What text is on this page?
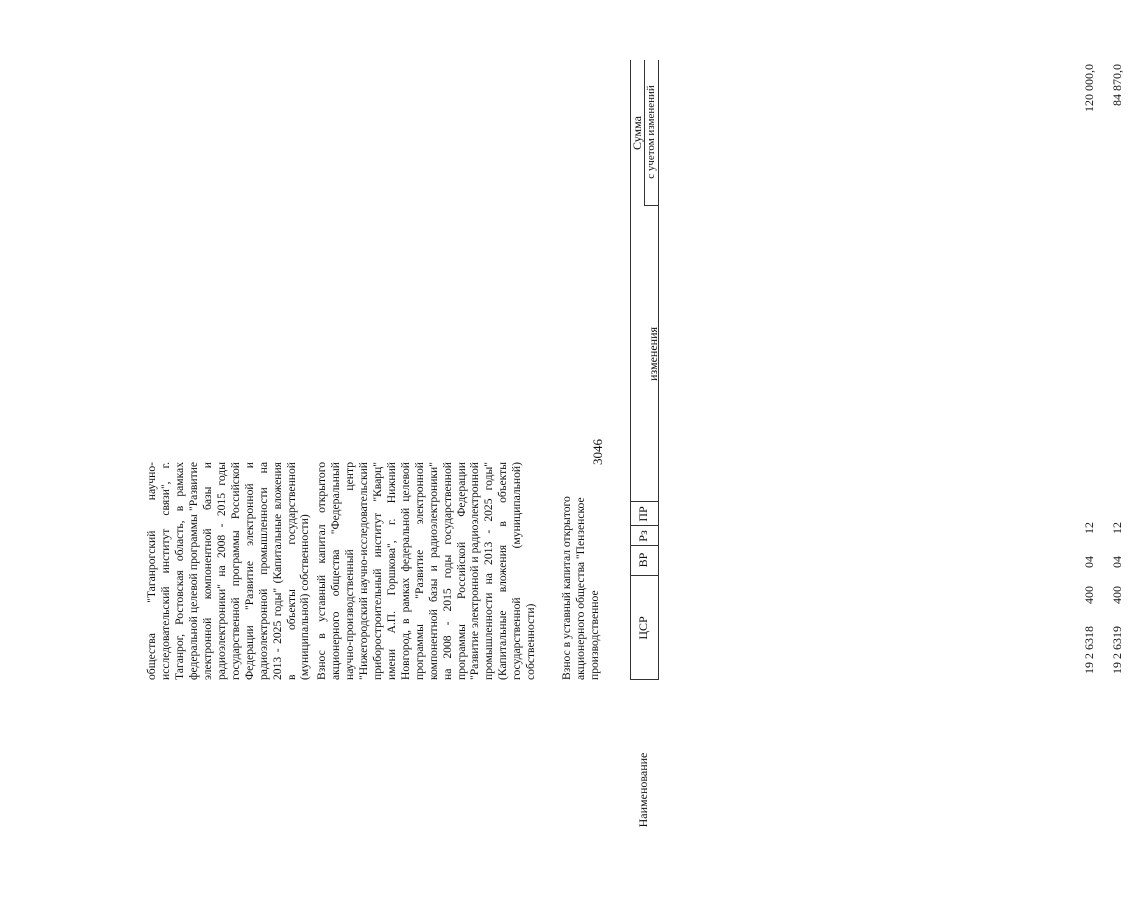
3046
ЦСР
ВР
Рз
ПР
изменения
Сумма с учетом изменений
Наименование
19 2 6318
400
04
12
120 000,0
19 2 6319
400
04
12
84 870,0
обществa "Таганрогский научно-исследовательский институт связи", г. Таганрог, Ростовская область, в рамках федеральной целевой программы "Развитие электронной компонентной базы и радиоэлектроники" на 2008 - 2015 годы государственной программы Российской Федерации "Развитие электронной и радиоэлектронной промышленности на 2013 - 2025 годы" (Капитальные вложения в объекты государственной (муниципальной) собственности) Взнос в уставный капитал открытого акционерного общества "Федеральный научно-производственный центр "Нижегородский научно-исследовательский приборостроительный институт "Кварц" имени А.П. Горшкова", г. Нижний Новгород, в рамках федеральной целевой программы "Развитие электронной компонентной базы и радиоэлектроники" на 2008 - 2015 годы государственной программы Российской Федерации "Развитие электронной и радиоэлектронной промышленности на 2013 - 2025 годы" (Капитальные вложения в объекты государственной (муниципальной) собственности) Взнос в уставный капитал открытого акционерного общества "Пензенское производственное
